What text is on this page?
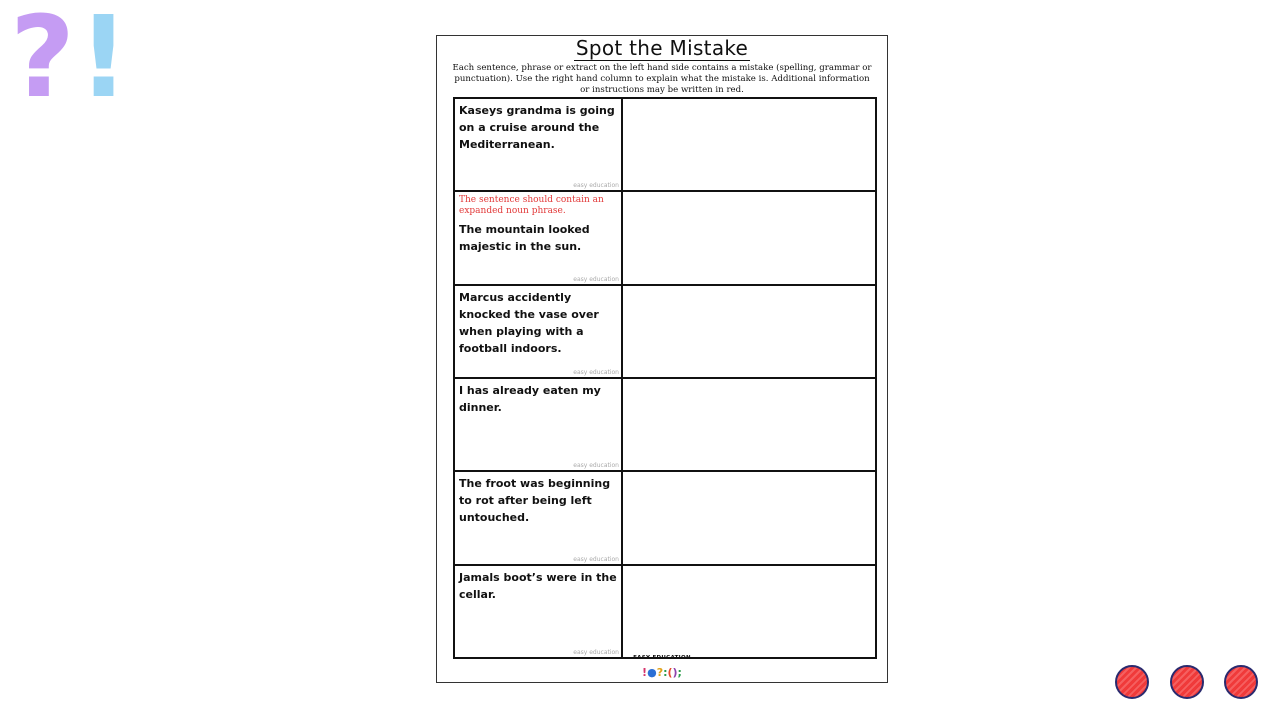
? !	Spot the Mistake
Each sentence, phrase or extract on the left hand side contains a mistake (spelling, grammar or punctuation). Use the right hand column to explain what the mistake is. Additional information or instructions may be written in red.
Kaseys grandma is going on a cruise around the Mediterranean.
easy education
The sentence should contain an expanded noun phrase.
The mountain looked majestic in the sun.
easy education
Marcus accidently knocked the vase over when playing with a football indoors.
easy education
I has already eaten my dinner.
easy education
The froot was beginning to rot after being left untouched.
easy education
Jamals boot’s were in the cellar.
easy education
EASY EDUCATION
!●?:();
